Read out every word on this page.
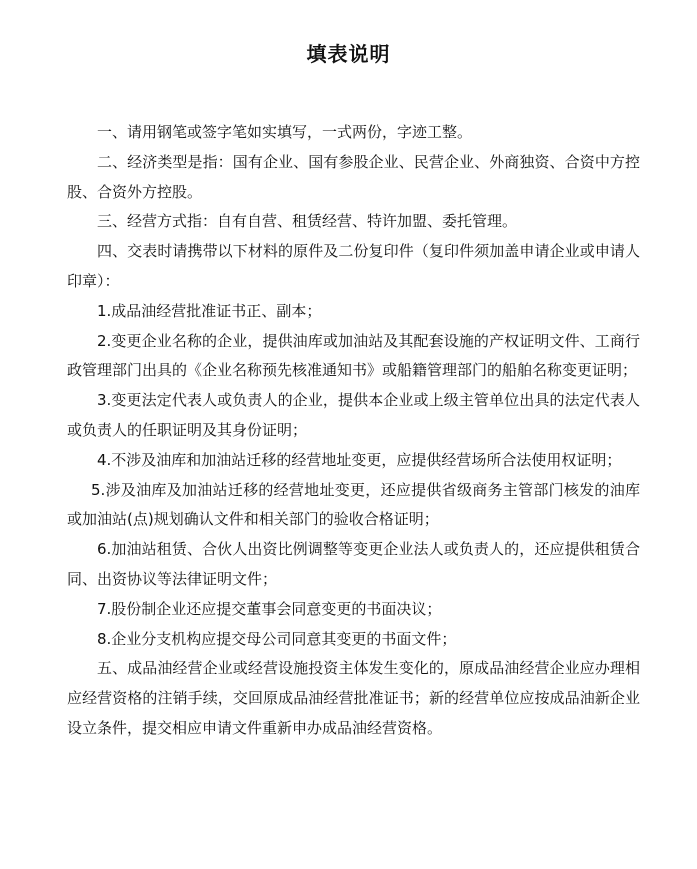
填表说明

一、请用钢笔或签字笔如实填写，一式两份，字迹工整。

二、经济类型是指：国有企业、国有参股企业、民营企业、外商独资、合资中方控股、合资外方控股。

三、经营方式指：自有自营、租赁经营、特许加盟、委托管理。

四、交表时请携带以下材料的原件及二份复印件（复印件须加盖申请企业或申请人印章）：

1.成品油经营批准证书正、副本；

2.变更企业名称的企业，提供油库或加油站及其配套设施的产权证明文件、工商行政管理部门出具的《企业名称预先核准通知书》或船籍管理部门的船舶名称变更证明；

3.变更法定代表人或负责人的企业，提供本企业或上级主管单位出具的法定代表人或负责人的任职证明及其身份证明；

4.不涉及油库和加油站迁移的经营地址变更，应提供经营场所合法使用权证明；

5.涉及油库及加油站迁移的经营地址变更，还应提供省级商务主管部门核发的油库或加油站(点)规划确认文件和相关部门的验收合格证明；

6.加油站租赁、合伙人出资比例调整等变更企业法人或负责人的，还应提供租赁合同、出资协议等法律证明文件；

7.股份制企业还应提交董事会同意变更的书面决议；

8.企业分支机构应提交母公司同意其变更的书面文件；

五、成品油经营企业或经营设施投资主体发生变化的，原成品油经营企业应办理相应经营资格的注销手续，交回原成品油经营批准证书；新的经营单位应按成品油新企业设立条件，提交相应申请文件重新申办成品油经营资格。
